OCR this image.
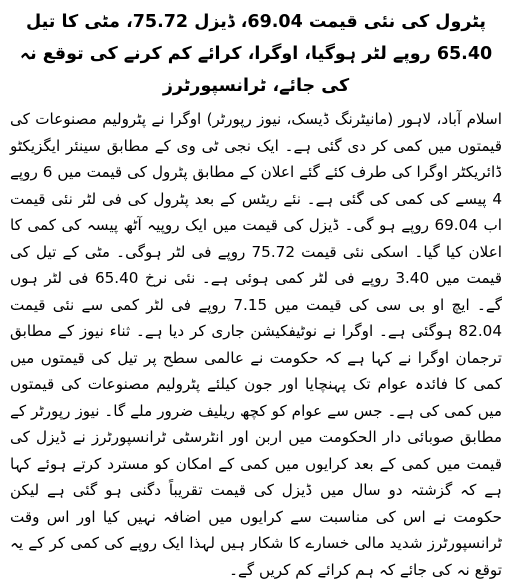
پٹرول کی نئی قیمت 69.04، ڈیزل 75.72، مٹی کا تیل 65.40 روپے لٹر ہوگیا، اوگرا، کرائے کم کرنے کی توقع نہ کی جائے، ٹرانسپورٹرز

اسلام آباد، لاہور (مانیٹرنگ ڈیسک، نیوز رپورٹر) اوگرا نے پٹرولیم مصنوعات کی قیمتوں میں کمی کر دی گئی ہے۔ ایک نجی ٹی وی کے مطابق سینئر ایگزیکٹو ڈائریکٹر اوگرا کی طرف کئے گئے اعلان کے مطابق پٹرول کی قیمت میں 6 روپے 4 پیسے کی کمی کی گئی ہے۔ نئے ریٹس کے بعد پٹرول کی فی لٹر نئی قیمت اب 69.04 روپے ہو گی۔ ڈیزل کی قیمت میں ایک روپیہ آٹھ پیسہ کی کمی کا اعلان کیا گیا۔ اسکی نئی قیمت 75.72 روپے فی لٹر ہوگی۔ مٹی کے تیل کی قیمت میں 3.40 روپے فی لٹر کمی ہوئی ہے۔ نئی نرخ 65.40 فی لٹر ہوں گے۔ ایچ او بی سی کی قیمت میں 7.15 روپے فی لٹر کمی سے نئی قیمت 82.04 ہوگئی ہے۔ اوگرا نے نوٹیفکیشن جاری کر دیا ہے۔ ثناء نیوز کے مطابق ترجمان اوگرا نے کہا ہے کہ حکومت نے عالمی سطح پر تیل کی قیمتوں میں کمی کا فائدہ عوام تک پہنچایا اور جون کیلئے پٹرولیم مصنوعات کی قیمتوں میں کمی کی ہے۔ جس سے عوام کو کچھ ریلیف ضرور ملے گا۔ نیوز رپورٹر کے مطابق صوبائی دار الحکومت میں اربن اور انٹرسٹی ٹرانسپورٹرز نے ڈیزل کی قیمت میں کمی کے بعد کرایوں میں کمی کے امکان کو مسترد کرتے ہوئے کہا ہے کہ گزشتہ دو سال میں ڈیزل کی قیمت تقریباً دگنی ہو گئی ہے لیکن حکومت نے اس کی مناسبت سے کرایوں میں اضافہ نہیں کیا اور اس وقت ٹرانسپورٹرز شدید مالی خسارے کا شکار ہیں لہذا ایک روپے کی کمی کر کے یہ توقع نہ کی جائے کہ ہم کرائے کم کریں گے۔
